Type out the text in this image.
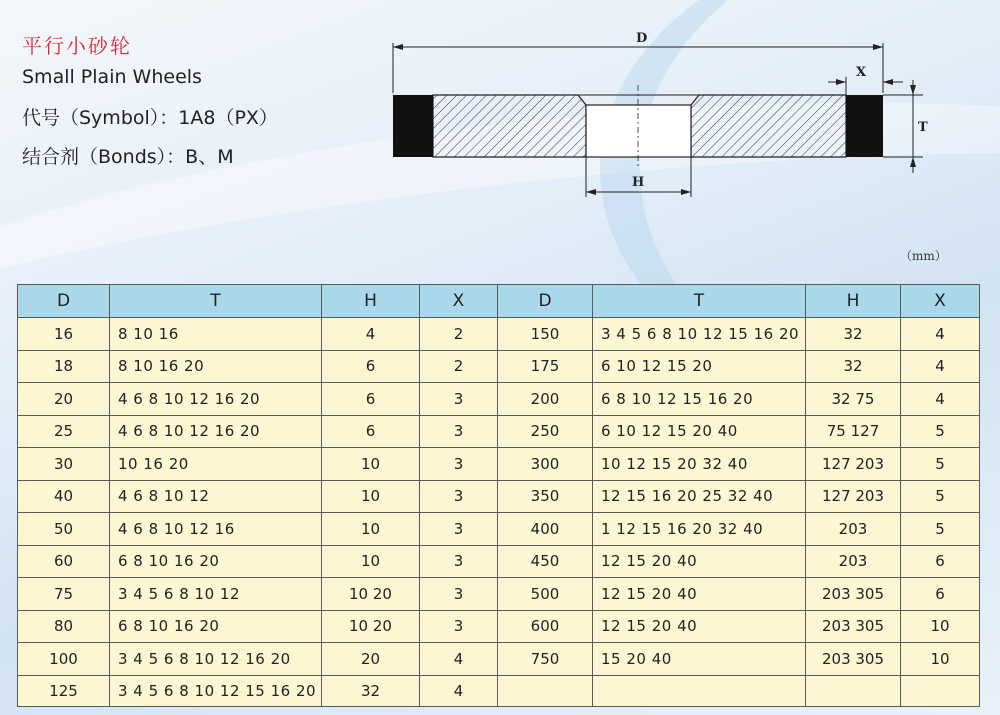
平行小砂轮
Small Plain Wheels
代号（Symbol）：1A8（PX）
结合剂（Bonds）：B、M
D
X
T
H
（mm）
D	T	H	X	D	T	H	X
16	8 10 16	4	2	150	3 4 5 6 8 10 12 15 16 20	32	4
18	8 10 16 20	6	2	175	6 10 12 15 20	32	4
20	4 6 8 10 12 16 20	6	3	200	6 8 10 12 15 16 20	32 75	4
25	4 6 8 10 12 16 20	6	3	250	6 10 12 15 20 40	75 127	5
30	10 16 20	10	3	300	10 12 15 20 32 40	127 203	5
40	4 6 8 10 12	10	3	350	12 15 16 20 25 32 40	127 203	5
50	4 6 8 10 12 16	10	3	400	1 12 15 16 20 32 40	203	5
60	6 8 10 16 20	10	3	450	12 15 20 40	203	6
75	3 4 5 6 8 10 12	10 20	3	500	12 15 20 40	203 305	6
80	6 8 10 16 20	10 20	3	600	12 15 20 40	203 305	10
100	3 4 5 6 8 10 12 16 20	20	4	750	15 20 40	203 305	10
125	3 4 5 6 8 10 12 15 16 20	32	4				
